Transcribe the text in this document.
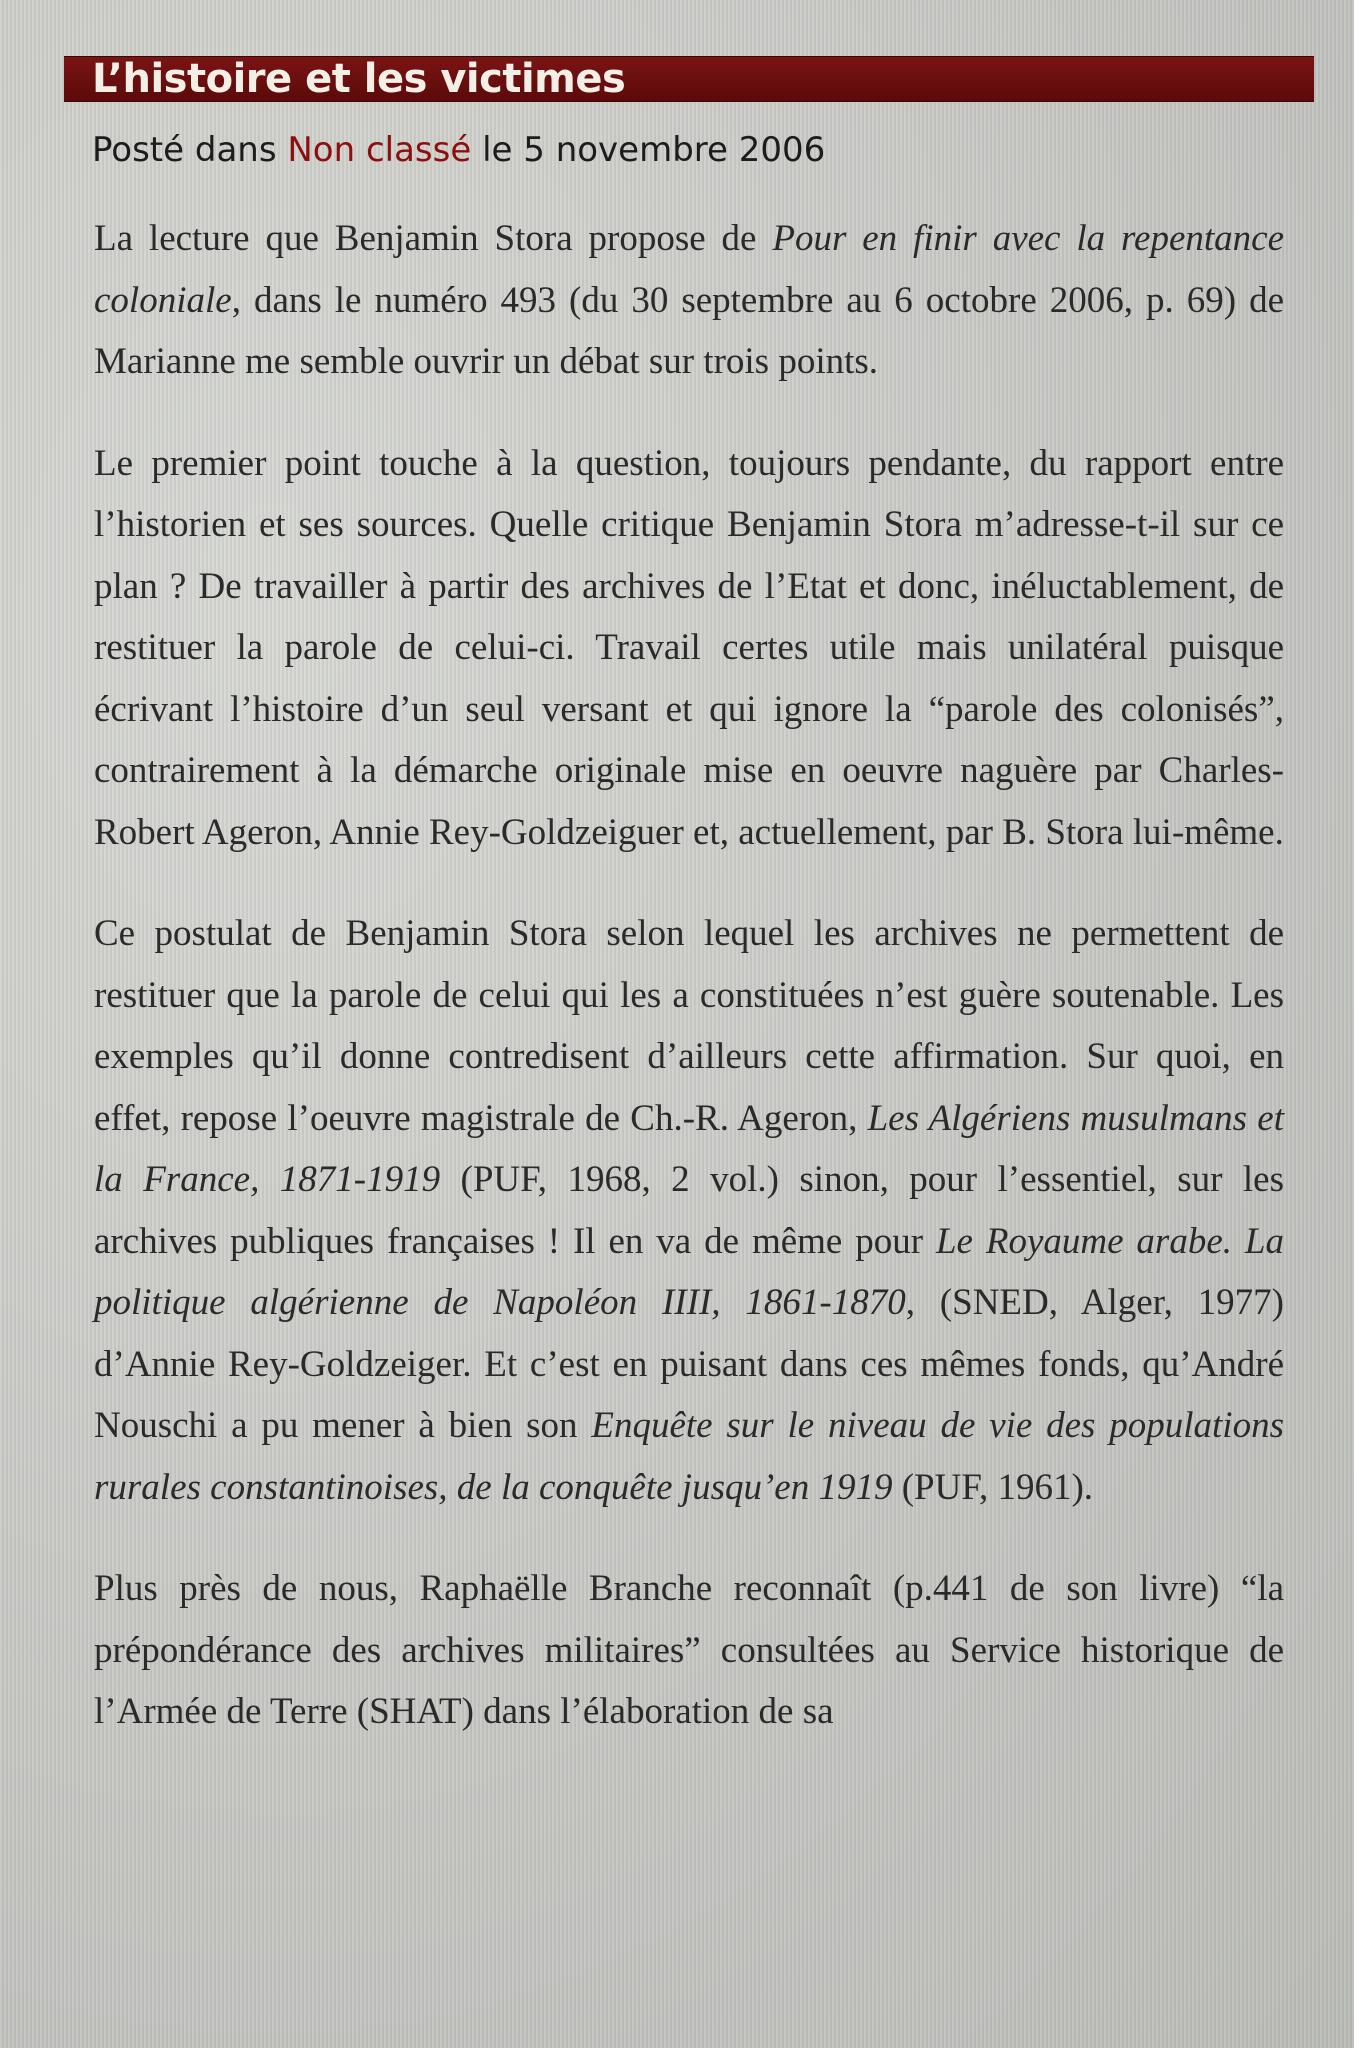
L’histoire et les victimes
Posté dans Non classé le 5 novembre 2006

La lecture que Benjamin Stora propose de Pour en finir avec la repentance coloniale, dans le numéro 493 (du 30 septembre au 6 octobre 2006, p. 69) de Marianne me semble ouvrir un débat sur trois points.

Le premier point touche à la question, toujours pendante, du rapport entre l’historien et ses sources. Quelle critique Benjamin Stora m’adresse-t-il sur ce plan ? De travailler à partir des archives de l’Etat et donc, inéluctablement, de restituer la parole de celui-ci. Travail certes utile mais unilatéral puisque écrivant l’histoire d’un seul versant et qui ignore la “parole des colonisés”, contrairement à la démarche originale mise en oeuvre naguère par Charles-Robert Ageron, Annie Rey-Goldzeiguer et, actuellement, par B. Stora lui-même.

Ce postulat de Benjamin Stora selon lequel les archives ne permettent de restituer que la parole de celui qui les a constituées n’est guère soutenable. Les exemples qu’il donne contredisent d’ailleurs cette affirmation. Sur quoi, en effet, repose l’oeuvre magistrale de Ch.-R. Ageron, Les Algériens musulmans et la France, 1871-1919 (PUF, 1968, 2 vol.) sinon, pour l’essentiel, sur les archives publiques françaises ! Il en va de même pour Le Royaume arabe. La politique algérienne de Napoléon IIII, 1861-1870, (SNED, Alger, 1977) d’Annie Rey-Goldzeiger. Et c’est en puisant dans ces mêmes fonds, qu’André Nouschi a pu mener à bien son Enquête sur le niveau de vie des populations rurales constantinoises, de la conquête jusqu’en 1919 (PUF, 1961).

Plus près de nous, Raphaëlle Branche reconnaît (p.441 de son livre) “la prépondérance des archives militaires” consultées au Service historique de l’Armée de Terre (SHAT) dans l’élaboration de sa
